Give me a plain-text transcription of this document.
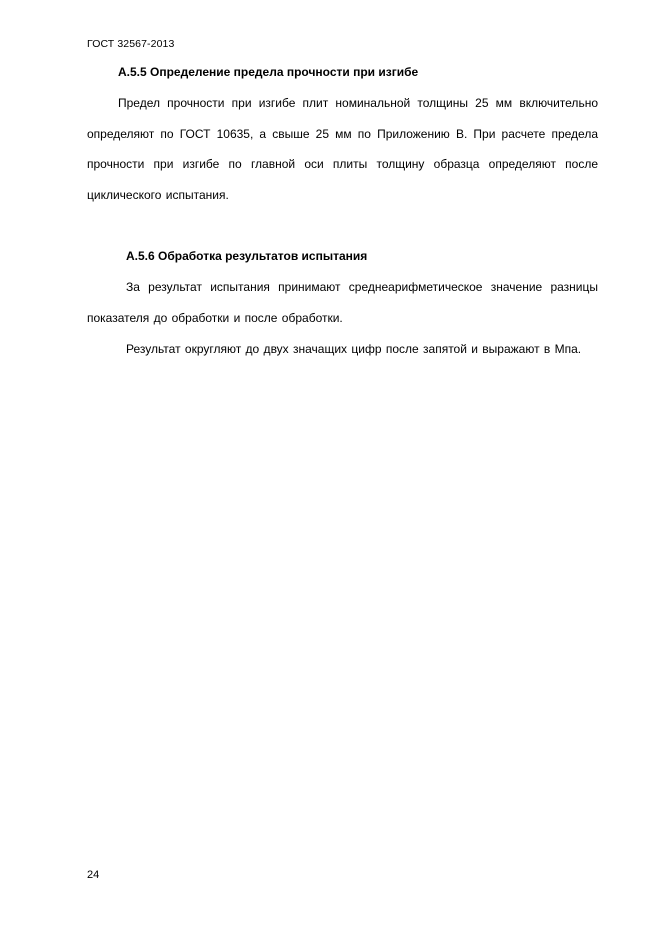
ГОСТ 32567-2013
А.5.5 Определение предела прочности при изгибе

Предел прочности при изгибе плит номинальной толщины 25 мм включительно определяют по ГОСТ 10635, а свыше 25 мм по Приложению В. При расчете предела прочности при изгибе по главной оси плиты толщину образца определяют после циклического испытания.

А.5.6 Обработка результатов испытания

За результат испытания принимают среднеарифметическое значение разницы показателя до обработки и после обработки.

Результат округляют до двух значащих цифр после запятой и выражают в Мпа.

24
